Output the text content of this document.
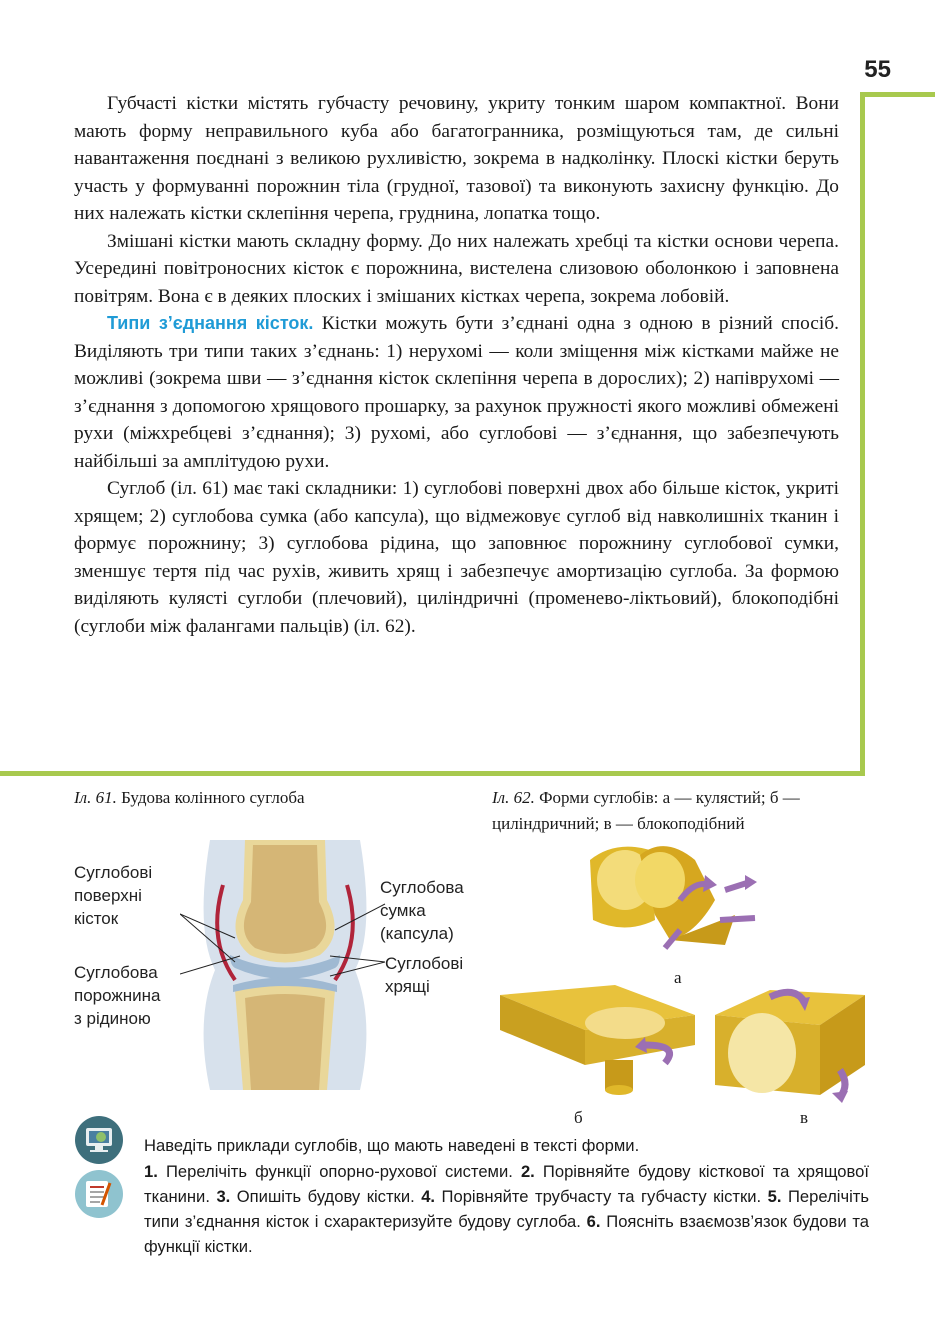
55

Губчасті кістки містять губчасту речовину, укриту тонким шаром компактної. Вони мають форму неправильного куба або багатогранника, розміщуються там, де сильні навантаження поєднані з великою рухливістю, зокрема в надколінку. Плоскі кістки беруть участь у формуванні порожнин тіла (грудної, тазової) та виконують захисну функцію. До них належать кістки склепіння черепа, груднина, лопатка тощо.

Змішані кістки мають складну форму. До них належать хребці та кістки основи черепа. Усередині повітроносних кісток є порожнина, вистелена слизовою оболонкою і заповнена повітрям. Вона є в деяких плоских і змішаних кістках черепа, зокрема лобовій.

Типи з’єднання кісток. Кістки можуть бути з’єднані одна з одною в різний спосіб. Виділяють три типи таких з’єднань: 1) нерухомі — коли зміщення між кістками майже не можливі (зокрема шви — з’єднання кісток склепіння черепа в дорослих); 2) напіврухомі — з’єднання з допомогою хрящового прошарку, за рахунок пружності якого можливі обмежені рухи (міжхребцеві з’єднання); 3) рухомі, або суглобові — з’єднання, що забезпечують найбільші за амплітудою рухи.

Суглоб (іл. 61) має такі складники: 1) суглобові поверхні двох або більше кісток, укриті хрящем; 2) суглобова сумка (або капсула), що відмежовує суглоб від навколишніх тканин і формує порожнину; 3) суглобова рідина, що заповнює порожнину суглобової сумки, зменшує тертя під час рухів, живить хрящ і забезпечує амортизацію суглоба. За формою виділяють кулясті суглоби (плечовий), циліндричні (променево-ліктьовий), блокоподібні (суглоби між фалангами пальців) (іл. 62).

Іл. 61. Будова колінного суглоба	Іл. 62. Форми суглобів: а — кулястий; б — циліндричний; в — блокоподібний
Суглобові
поверхні
кісток
Суглобова
порожнина
з рідиною
Суглобова
сумка
(капсула)
Суглобові
хрящі	а
б	в
Наведіть приклади суглобів, що мають наведені в тексті форми.
1. Перелічіть функції опорно-рухової системи. 2. Порівняйте будову кісткової та хрящової тканини. 3. Опишіть будову кістки. 4. Порівняйте трубчасту та губчасту кістки. 5. Перелічіть типи з’єднання кісток і схарактеризуйте будову суглоба. 6. Поясніть взаємозв’язок будови та функції кістки.
